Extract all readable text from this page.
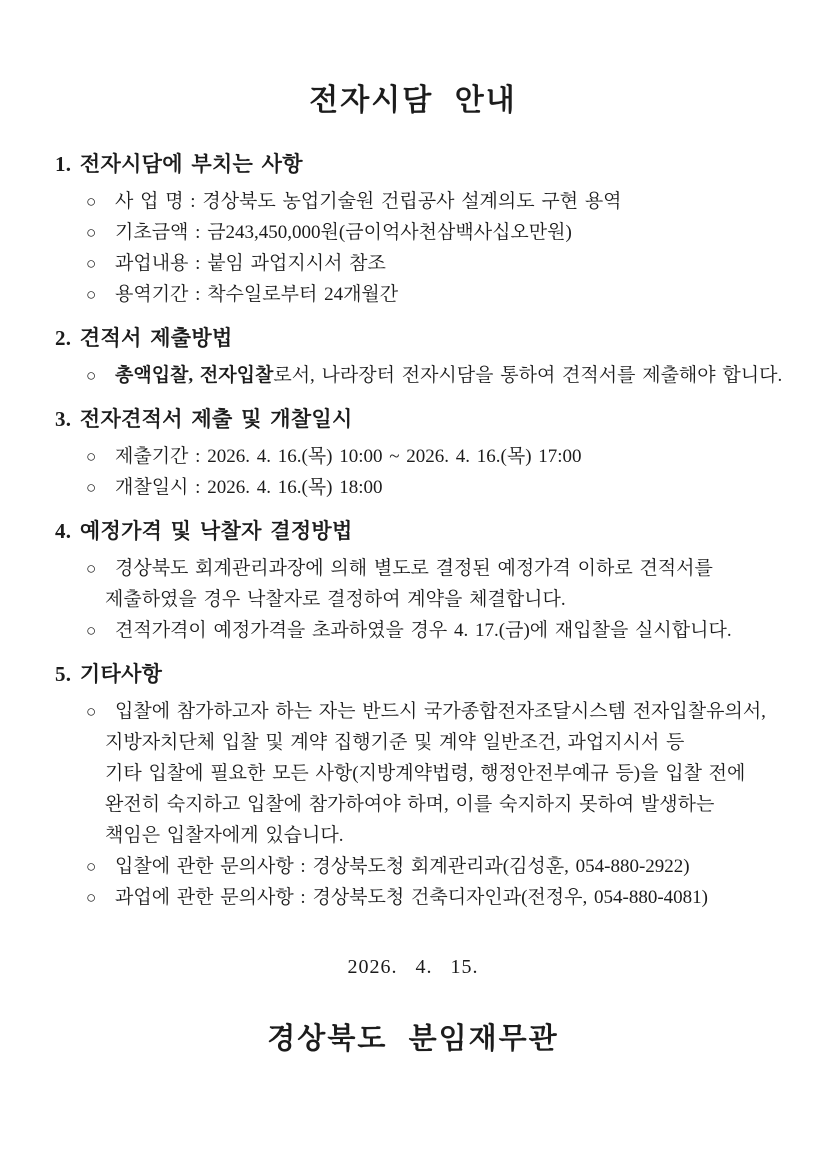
전자시담 안내
1. 전자시담에 부치는 사항
○ 사 업 명 : 경상북도 농업기술원 건립공사 설계의도 구현 용역
○ 기초금액 : 금243,450,000원(금이억사천삼백사십오만원)
○ 과업내용 : 붙임 과업지시서 참조
○ 용역기간 : 착수일로부터 24개월간
2. 견적서 제출방법
○ 총액입찰, 전자입찰로서, 나라장터 전자시담을 통하여 견적서를 제출해야 합니다.
3. 전자견적서 제출 및 개찰일시
○ 제출기간 : 2026. 4. 16.(목) 10:00 ~ 2026. 4. 16.(목) 17:00
○ 개찰일시 : 2026. 4. 16.(목) 18:00
4. 예정가격 및 낙찰자 결정방법
○ 경상북도 회계관리과장에 의해 별도로 결정된 예정가격 이하로 견적서를
제출하였을 경우 낙찰자로 결정하여 계약을 체결합니다.
○ 견적가격이 예정가격을 초과하였을 경우 4. 17.(금)에 재입찰을 실시합니다.
5. 기타사항
○ 입찰에 참가하고자 하는 자는 반드시 국가종합전자조달시스템 전자입찰유의서,
지방자치단체 입찰 및 계약 집행기준 및 계약 일반조건, 과업지시서 등
기타 입찰에 필요한 모든 사항(지방계약법령, 행정안전부예규 등)을 입찰 전에
완전히 숙지하고 입찰에 참가하여야 하며, 이를 숙지하지 못하여 발생하는
책임은 입찰자에게 있습니다.
○ 입찰에 관한 문의사항 : 경상북도청 회계관리과(김성훈, 054-880-2922)
○ 과업에 관한 문의사항 : 경상북도청 건축디자인과(전정우, 054-880-4081)
2026.   4.   15.
경상북도 분임재무관
